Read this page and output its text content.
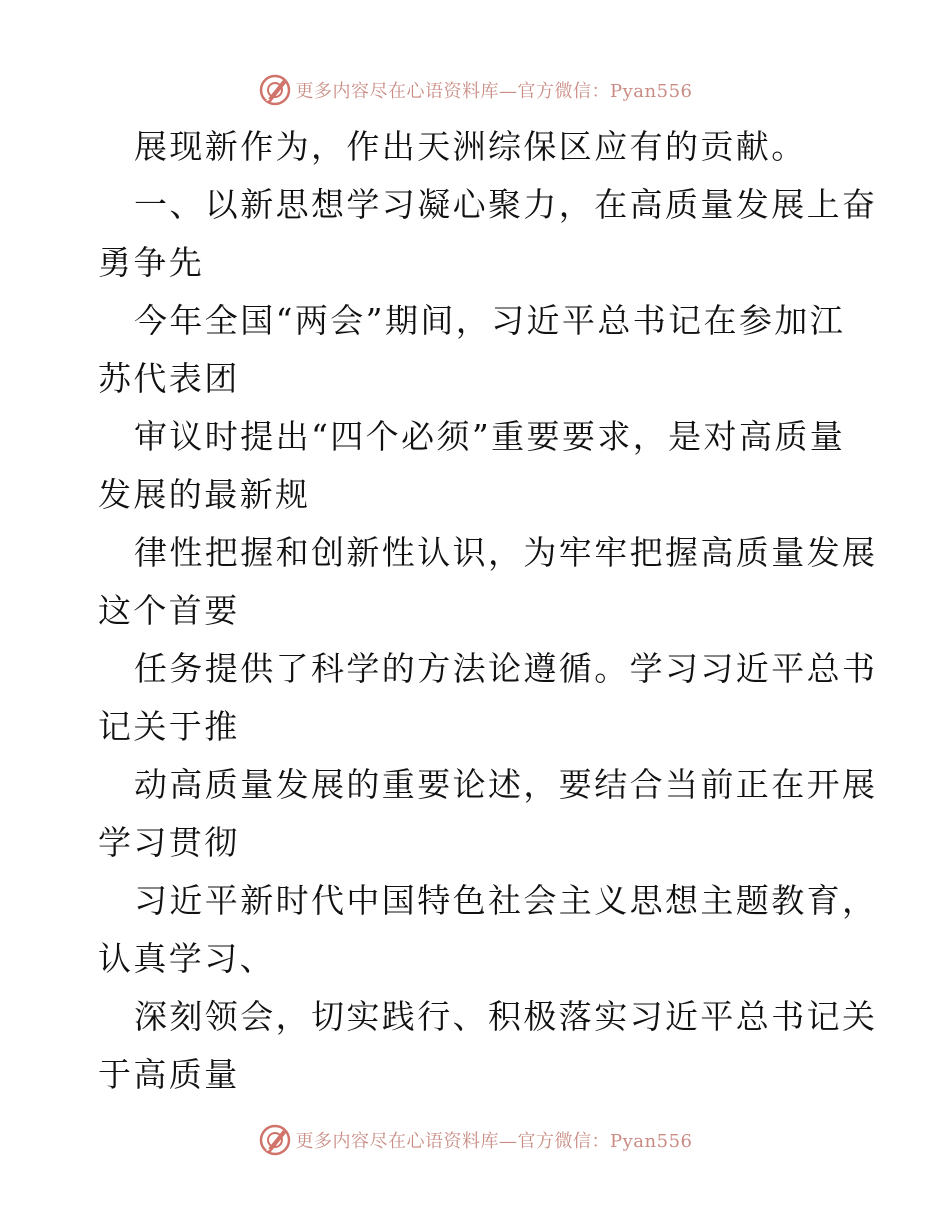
更多内容尽在心语资料库—官方微信：Pyan556
展现新作为，作出天洲综保区应有的贡献。
一、以新思想学习凝心聚力，在高质量发展上奋
勇争先
今年全国“两会”期间，习近平总书记在参加江
苏代表团
审议时提出“四个必须”重要要求，是对高质量
发展的最新规
律性把握和创新性认识，为牢牢把握高质量发展
这个首要
任务提供了科学的方法论遵循。学习习近平总书
记关于推
动高质量发展的重要论述，要结合当前正在开展
学习贯彻
习近平新时代中国特色社会主义思想主题教育，
认真学习、
深刻领会，切实践行、积极落实习近平总书记关
于高质量
更多内容尽在心语资料库—官方微信：Pyan556
